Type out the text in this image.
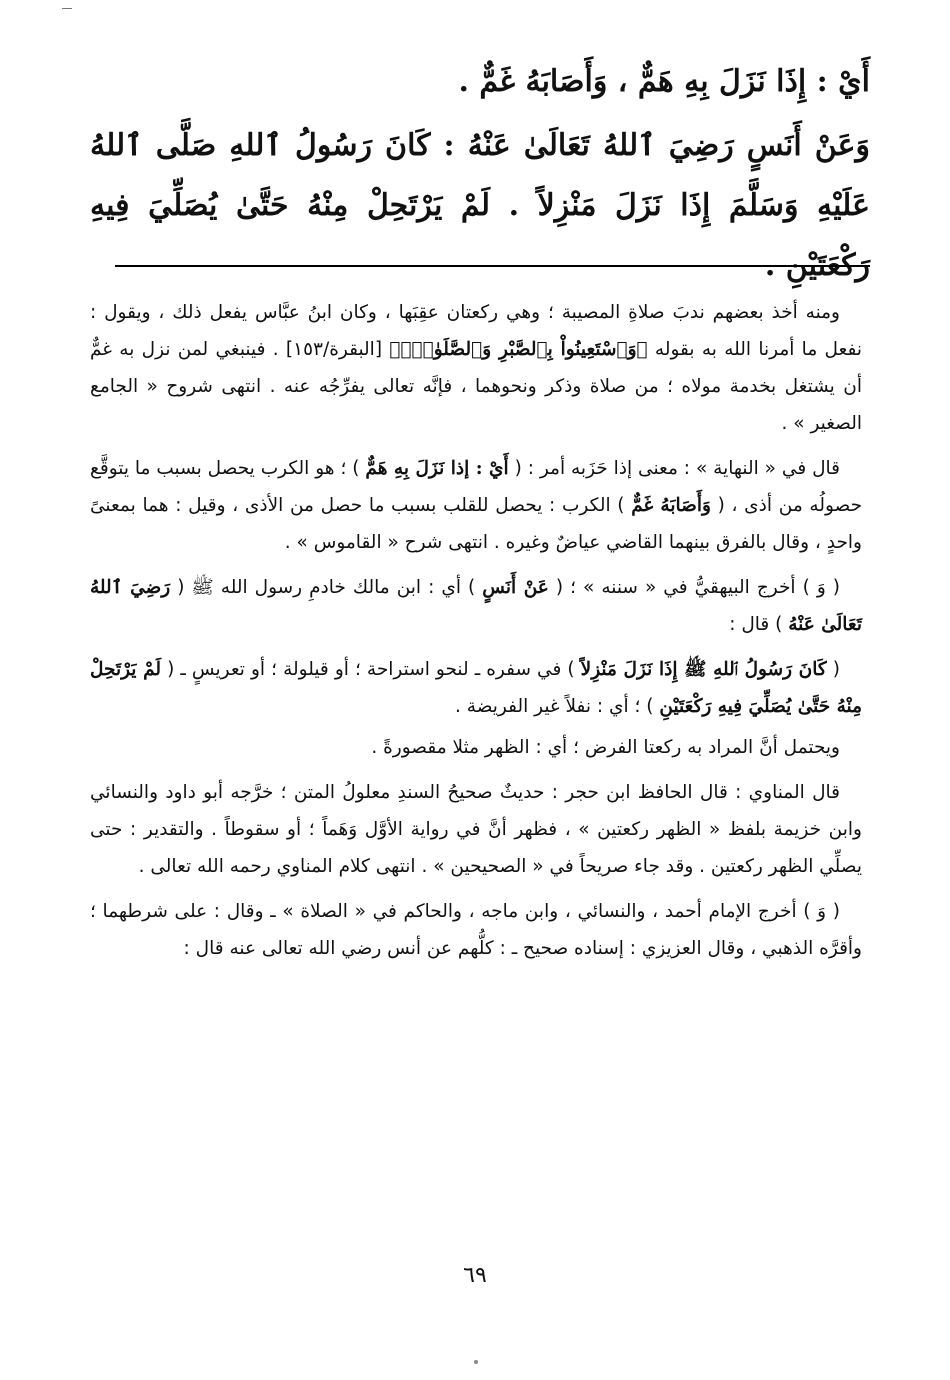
أَيْ : إِذَا نَزَلَ بِهِ هَمٌّ ، وَأَصَابَهُ غَمٌّ .

وَعَنْ أَنَسٍ رَضِيَ ٱللهُ تَعَالَىٰ عَنْهُ : كَانَ رَسُولُ ٱللهِ صَلَّى ٱللهُ عَلَيْهِ وَسَلَّمَ إِذَا نَزَلَ مَنْزِلاً . لَمْ يَرْتَحِلْ مِنْهُ حَتَّىٰ يُصَلِّيَ فِيهِ رَكْعَتَيْنِ .

ومنه أخذ بعضهم ندبَ صلاةِ المصيبة ؛ وهي ركعتان عقِبَها ، وكان ابنُ عبَّاس يفعل ذلك ، ويقول : نفعل ما أمرنا الله به بقوله ﴿وَٱسْتَعِينُواْ بِٱلصَّبْرِ وَٱلصَّلَوٰةِۚ﴾ [البقرة/١٥٣] . فينبغي لمن نزل به غمٌّ أن يشتغل بخدمة مولاه ؛ من صلاة وذكر ونحوهما ، فإنَّه تعالى يفرِّجُه عنه . انتهى شروح « الجامع الصغير » .

قال في « النهاية » : معنى إذا حَزَبه أمر : ( أَيْ : إذا نَزَلَ بِهِ هَمٌّ ) ؛ هو الكرب يحصل بسبب ما يتوقَّع حصولُه من أذى ، ( وَأَصَابَهُ غَمٌّ ) الكرب : يحصل للقلب بسبب ما حصل من الأذى ، وقيل : هما بمعنىً واحدٍ ، وقال بالفرق بينهما القاضي عياضٌ وغيره . انتهى شرح « القاموس » .

( وَ ) أخرج البيهقيُّ في « سننه » ؛ ( عَنْ أَنَسٍ ) أي : ابن مالك خادمِ رسول الله ﷺ ( رَضِيَ ٱللهُ تَعَالَىٰ عَنْهُ ) قال :

( كَانَ رَسُولُ ٱللهِ ﷺ إِذَا نَزَلَ مَنْزِلاً ) في سفره ـ لنحو استراحة ؛ أو قيلولة ؛ أو تعريسٍ ـ ( لَمْ يَرْتَحِلْ مِنْهُ حَتَّىٰ يُصَلِّيَ فِيهِ رَكْعَتَيْنِ ) ؛ أي : نفلاً غير الفريضة .

ويحتمل أنَّ المراد به ركعتا الفرض ؛ أي : الظهر مثلا مقصورةً .

قال المناوي : قال الحافظ ابن حجر : حديثٌ صحيحُ السندِ معلولُ المتن ؛ خرَّجه أبو داود والنسائي وابن خزيمة بلفظ « الظهر ركعتين » ، فظهر أنَّ في رواية الأوَّل وَهَماً ؛ أو سقوطاً . والتقدير : حتى يصلِّي الظهر ركعتين . وقد جاء صريحاً في « الصحيحين » . انتهى كلام المناوي رحمه الله تعالى .

( وَ ) أخرج الإمام أحمد ، والنسائي ، وابن ماجه ، والحاكم في « الصلاة » ـ وقال : على شرطهما ؛ وأقرَّه الذهبي ، وقال العزيزي : إسناده صحيح ـ : كلُّهم عن أنس رضي الله تعالى عنه قال :

٦٩
